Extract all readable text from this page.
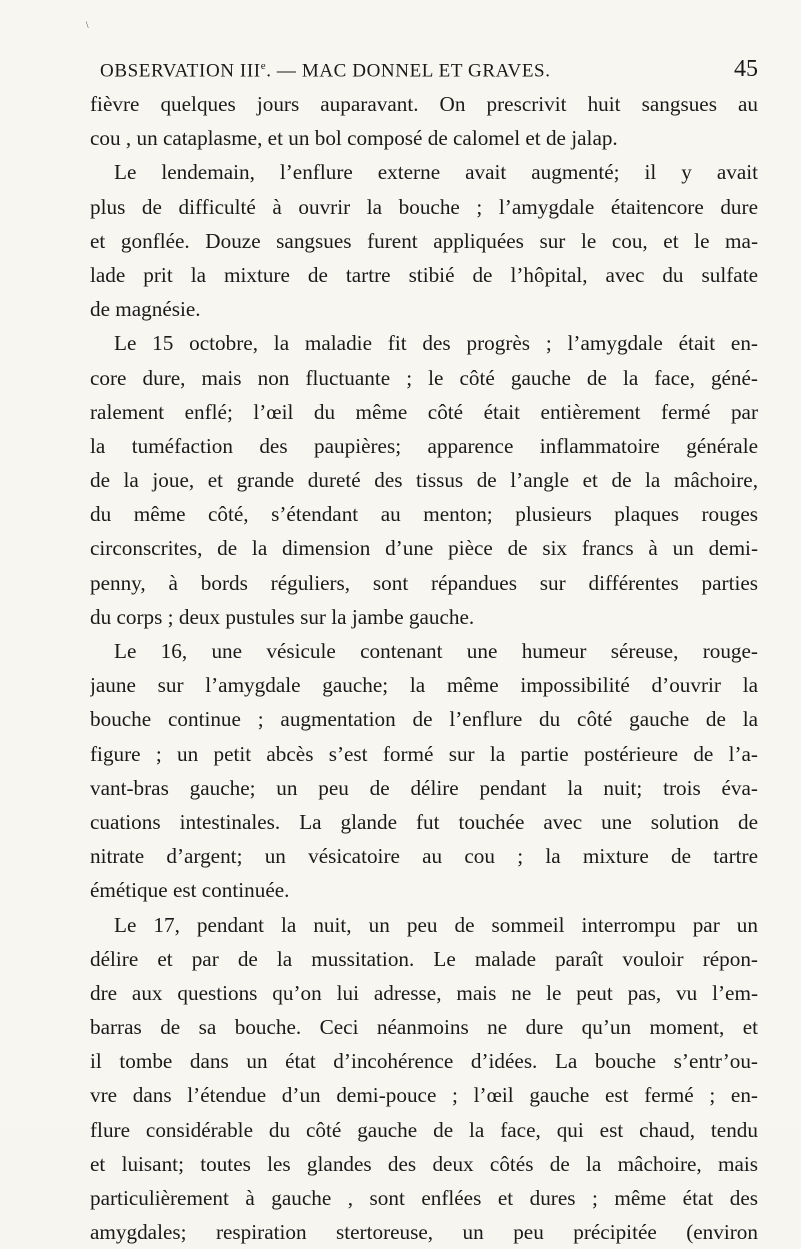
\
OBSERVATION IIIe. — MAC DONNEL ET GRAVES.	45
fièvre quelques jours auparavant. On prescrivit huit sangsues au
cou , un cataplasme, et un bol composé de calomel et de jalap.
Le lendemain, l’enflure externe avait augmenté; il y avait
plus de difficulté à ouvrir la bouche ; l’amygdale étaitencore dure
et gonflée. Douze sangsues furent appliquées sur le cou, et le ma-
lade prit la mixture de tartre stibié de l’hôpital, avec du sulfate
de magnésie.
Le 15 octobre, la maladie fit des progrès ; l’amygdale était en-
core dure, mais non fluctuante ; le côté gauche de la face, géné-
ralement enflé; l’œil du même côté était entièrement fermé par
la tuméfaction des paupières; apparence inflammatoire générale
de la joue, et grande dureté des tissus de l’angle et de la mâchoire,
du même côté, s’étendant au menton; plusieurs plaques rouges
circonscrites, de la dimension d’une pièce de six francs à un demi-
penny, à bords réguliers, sont répandues sur différentes parties
du corps ; deux pustules sur la jambe gauche.
Le 16, une vésicule contenant une humeur séreuse, rouge-
jaune sur l’amygdale gauche; la même impossibilité d’ouvrir la
bouche continue ; augmentation de l’enflure du côté gauche de la
figure ; un petit abcès s’est formé sur la partie postérieure de l’a-
vant-bras gauche; un peu de délire pendant la nuit; trois éva-
cuations intestinales. La glande fut touchée avec une solution de
nitrate d’argent; un vésicatoire au cou ; la mixture de tartre
émétique est continuée.
Le 17, pendant la nuit, un peu de sommeil interrompu par un
délire et par de la mussitation. Le malade paraît vouloir répon-
dre aux questions qu’on lui adresse, mais ne le peut pas, vu l’em-
barras de sa bouche. Ceci néanmoins ne dure qu’un moment, et
il tombe dans un état d’incohérence d’idées. La bouche s’entr’ou-
vre dans l’étendue d’un demi-pouce ; l’œil gauche est fermé ; en-
flure considérable du côté gauche de la face, qui est chaud, tendu
et luisant; toutes les glandes des deux côtés de la mâchoire, mais
particulièrement à gauche , sont enflées et dures ; même état des
amygdales; respiration stertoreuse, un peu précipitée (environ
